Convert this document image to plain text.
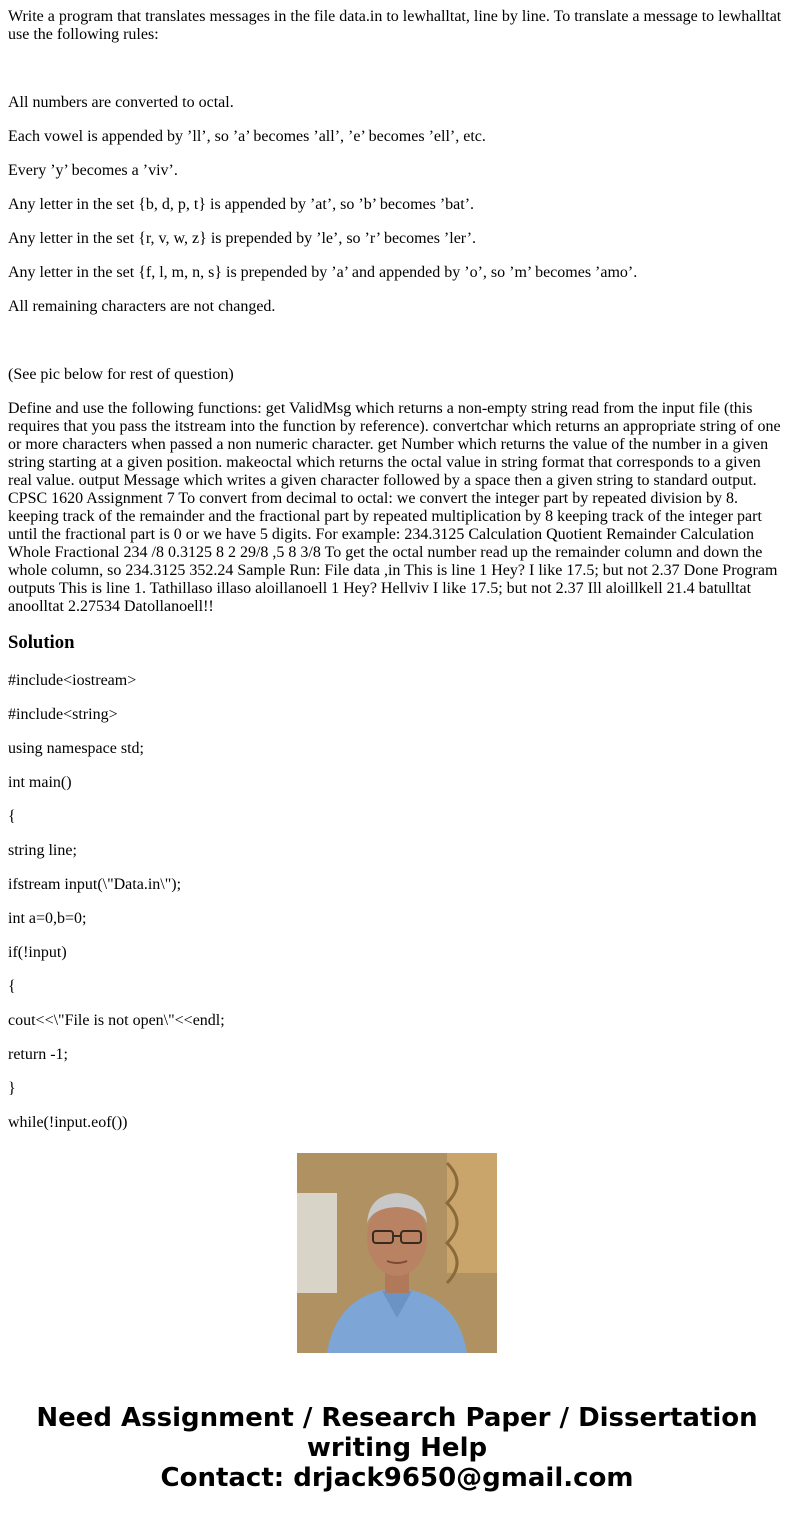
Write a program that translates messages in the file data.in to lewhalltat, line by line. To translate a message to lewhalltat use the following rules:

All numbers are converted to octal.

Each vowel is appended by ’ll’, so ’a’ becomes ’all’, ’e’ becomes ’ell’, etc.

Every ’y’ becomes a ’viv’.

Any letter in the set {b, d, p, t} is appended by ’at’, so ’b’ becomes ’bat’.

Any letter in the set {r, v, w, z} is prepended by ’le’, so ’r’ becomes ’ler’.

Any letter in the set {f, l, m, n, s} is prepended by ’a’ and appended by ’o’, so ’m’ becomes ’amo’.

All remaining characters are not changed.

(See pic below for rest of question)

Define and use the following functions: get ValidMsg which returns a non-empty string read from the input file (this requires that you pass the itstream into the function by reference). convertchar which returns an appropriate string of one or more characters when passed a non numeric character. get Number which returns the value of the number in a given string starting at a given position. makeoctal which returns the octal value in string format that corresponds to a given real value. output Message which writes a given character followed by a space then a given string to standard output. CPSC 1620 Assignment 7 To convert from decimal to octal: we convert the integer part by repeated division by 8. keeping track of the remainder and the fractional part by repeated multiplication by 8 keeping track of the integer part until the fractional part is 0 or we have 5 digits. For example: 234.3125 Calculation Quotient Remainder Calculation Whole Fractional 234 /8 0.3125 8 2 29/8 ,5 8 3/8 To get the octal number read up the remainder column and down the whole column, so 234.3125 352.24 Sample Run: File data ,in This is line 1 Hey? I like 17.5; but not 2.37 Done Program outputs This is line 1. Tathillaso illaso aloillanoell 1 Hey? Hellviv I like 17.5; but not 2.37 Ill aloillkell 21.4 batulltat anoolltat 2.27534 Datollanoell!!

Solution

#include<iostream>

#include<string>

using namespace std;

int main()

{

string line;

ifstream input(\"Data.in\");

int a=0,b=0;

if(!input)

{

cout<<\"File is not open\"<<endl;

return -1;

}

while(!input.eof())

Need Assignment / Research Paper / Dissertation
writing Help
Contact: drjack9650@gmail.com
